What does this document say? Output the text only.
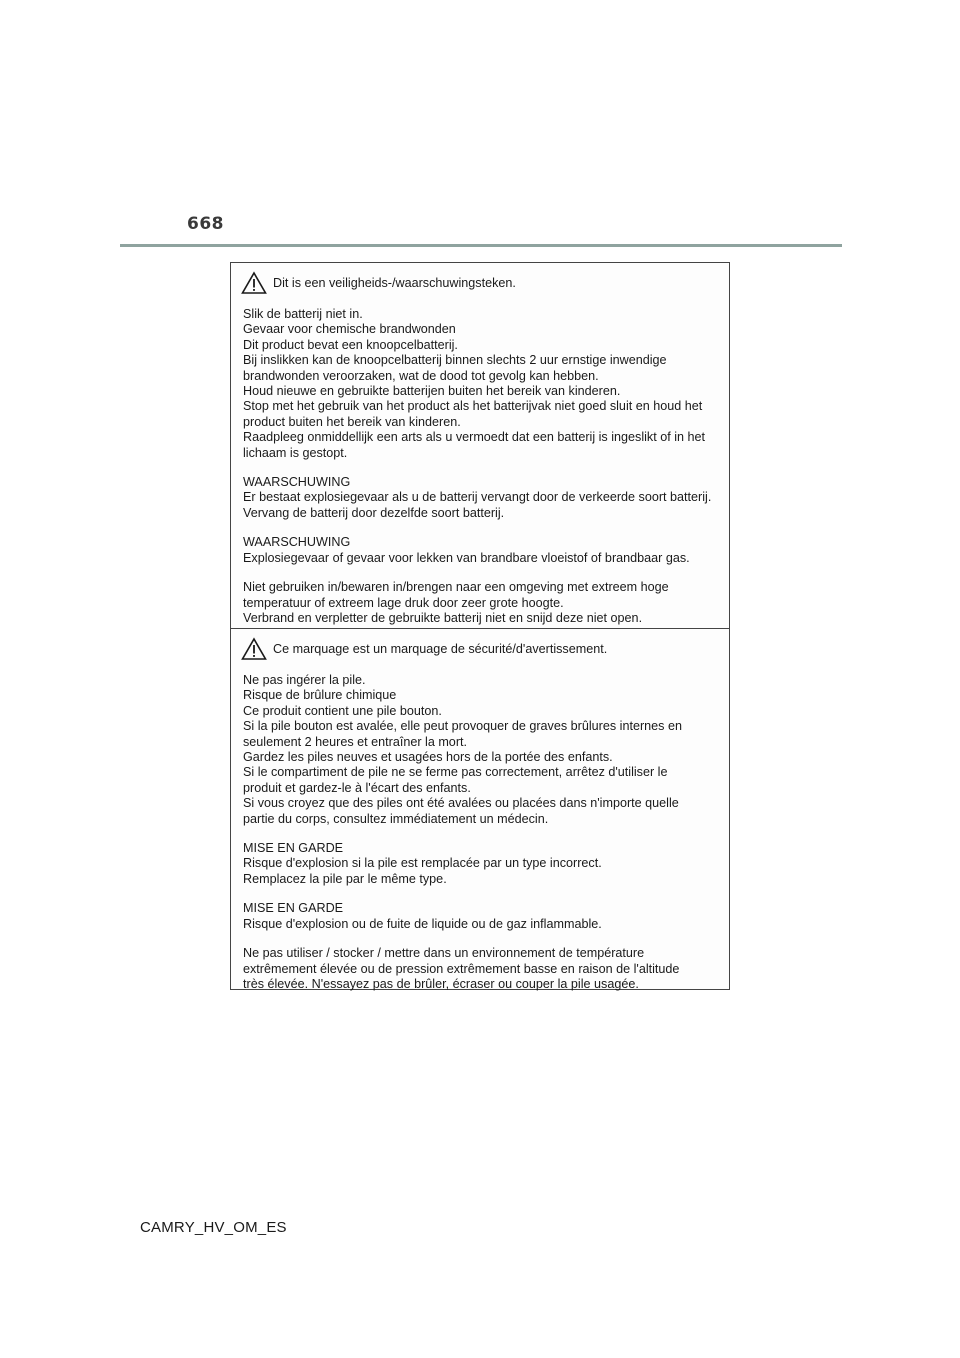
668
Dit is een veiligheids-/waarschuwingsteken.
Slik de batterij niet in.
Gevaar voor chemische brandwonden
Dit product bevat een knoopcelbatterij.
Bij inslikken kan de knoopcelbatterij binnen slechts 2 uur ernstige inwendige
brandwonden veroorzaken, wat de dood tot gevolg kan hebben.
Houd nieuwe en gebruikte batterijen buiten het bereik van kinderen.
Stop met het gebruik van het product als het batterijvak niet goed sluit en houd het
product buiten het bereik van kinderen.
Raadpleeg onmiddellijk een arts als u vermoedt dat een batterij is ingeslikt of in het
lichaam is gestopt.
WAARSCHUWING
Er bestaat explosiegevaar als u de batterij vervangt door de verkeerde soort batterij.
Vervang de batterij door dezelfde soort batterij.
WAARSCHUWING
Explosiegevaar of gevaar voor lekken van brandbare vloeistof of brandbaar gas.
Niet gebruiken in/bewaren in/brengen naar een omgeving met extreem hoge
temperatuur of extreem lage druk door zeer grote hoogte.
Verbrand en verpletter de gebruikte batterij niet en snijd deze niet open.
Ce marquage est un marquage de sécurité/d'avertissement.
Ne pas ingérer la pile.
Risque de brûlure chimique
Ce produit contient une pile bouton.
Si la pile bouton est avalée, elle peut provoquer de graves brûlures internes en
seulement 2 heures et entraîner la mort.
Gardez les piles neuves et usagées hors de la portée des enfants.
Si le compartiment de pile ne se ferme pas correctement, arrêtez d'utiliser le
produit et gardez-le à l'écart des enfants.
Si vous croyez que des piles ont été avalées ou placées dans n'importe quelle
partie du corps, consultez immédiatement un médecin.
MISE EN GARDE
Risque d'explosion si la pile est remplacée par un type incorrect.
Remplacez la pile par le même type.
MISE EN GARDE
Risque d'explosion ou de fuite de liquide ou de gaz inflammable.
Ne pas utiliser / stocker / mettre dans un environnement de température
extrêmement élevée ou de pression extrêmement basse en raison de l'altitude
très élevée. N'essayez pas de brûler, écraser ou couper la pile usagée.
CAMRY_HV_OM_ES
